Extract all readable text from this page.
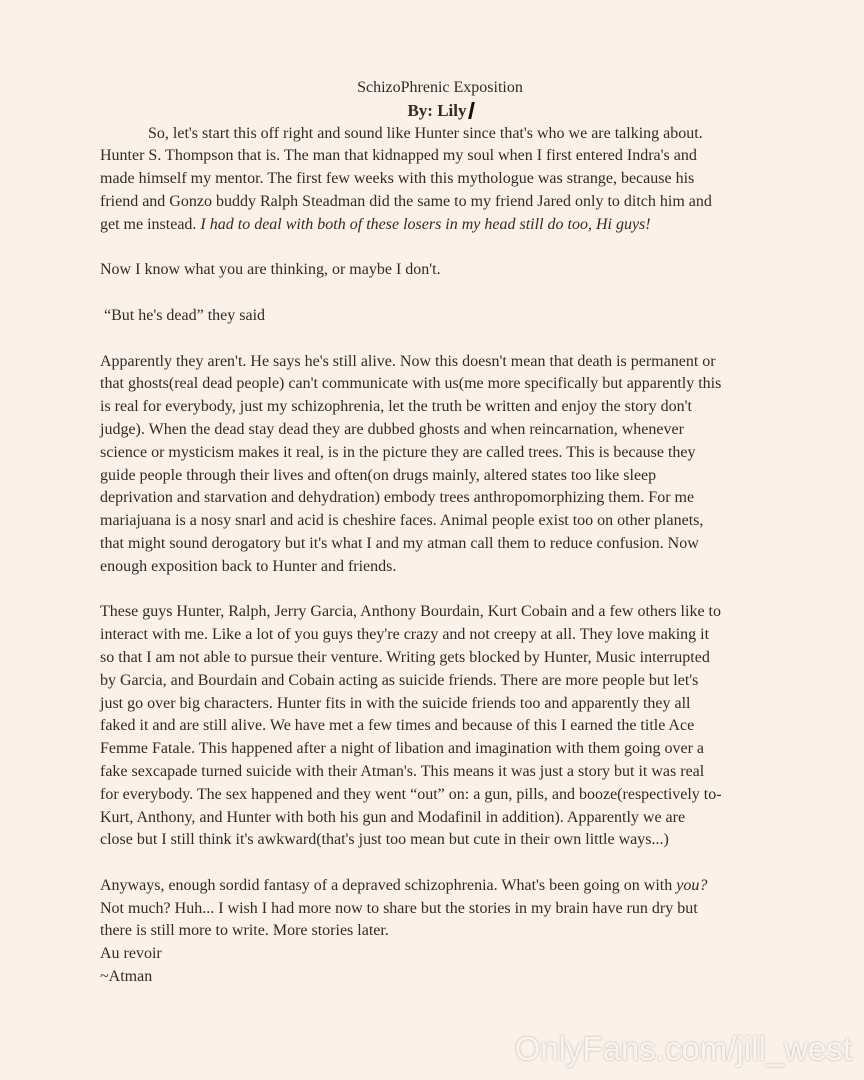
SchizoPhrenic Exposition
By: Lily
So, let's start this off right and sound like Hunter since that's who we are talking about.
Hunter S. Thompson that is. The man that kidnapped my soul when I first entered Indra's and
made himself my mentor. The first few weeks with this mythologue was strange, because his
friend and Gonzo buddy Ralph Steadman did the same to my friend Jared only to ditch him and
get me instead. I had to deal with both of these losers in my head still do too, Hi guys!
Now I know what you are thinking, or maybe I don't.
“But he's dead” they said
Apparently they aren't. He says he's still alive. Now this doesn't mean that death is permanent or
that ghosts(real dead people) can't communicate with us(me more specifically but apparently this
is real for everybody, just my schizophrenia, let the truth be written and enjoy the story don't
judge). When the dead stay dead they are dubbed ghosts and when reincarnation, whenever
science or mysticism makes it real, is in the picture they are called trees. This is because they
guide people through their lives and often(on drugs mainly, altered states too like sleep
deprivation and starvation and dehydration) embody trees anthropomorphizing them. For me
mariajuana is a nosy snarl and acid is cheshire faces. Animal people exist too on other planets,
that might sound derogatory but it's what I and my atman call them to reduce confusion. Now
enough exposition back to Hunter and friends.
These guys Hunter, Ralph, Jerry Garcia, Anthony Bourdain, Kurt Cobain and a few others like to
interact with me. Like a lot of you guys they're crazy and not creepy at all. They love making it
so that I am not able to pursue their venture. Writing gets blocked by Hunter, Music interrupted
by Garcia, and Bourdain and Cobain acting as suicide friends. There are more people but let's
just go over big characters. Hunter fits in with the suicide friends too and apparently they all
faked it and are still alive. We have met a few times and because of this I earned the title Ace
Femme Fatale. This happened after a night of libation and imagination with them going over a
fake sexcapade turned suicide with their Atman's. This means it was just a story but it was real
for everybody. The sex happened and they went “out” on: a gun, pills, and booze(respectively to-
Kurt, Anthony, and Hunter with both his gun and Modafinil in addition). Apparently we are
close but I still think it's awkward(that's just too mean but cute in their own little ways...)
Anyways, enough sordid fantasy of a depraved schizophrenia. What's been going on with you?
Not much? Huh... I wish I had more now to share but the stories in my brain have run dry but
there is still more to write. More stories later.
Au revoir
~Atman
OnlyFans.com/jill_west
